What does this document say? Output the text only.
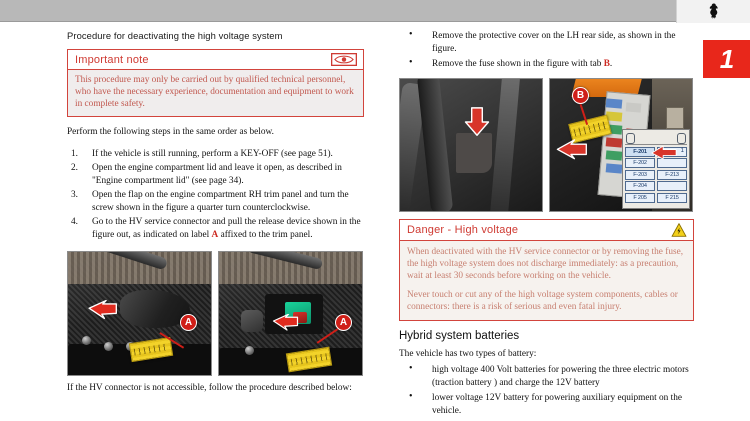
1
Procedure for deactivating the high voltage system
Important note

This procedure may only be carried out by qualified technical personnel, who have the necessary experience, documentation and equipment to work in complete safety.

Perform the following steps in the same order as below.

1. If the vehicle is still running, perform a KEY-OFF (see page 51).
2. Open the engine compartment lid and leave it open, as described in "Engine compartment lid" (see page 34).
3. Open the flap on the engine compartment RH trim panel and turn the screw shown in the figure a quarter turn counterclockwise.
4. Go to the HV service connector and pull the release device shown in the figure out, as indicated on label A affixed to the trim panel.
A	A

If the HV connector is not accessible, follow the procedure described below:

• Remove the protective cover on the LH rear side, as shown in the figure.
• Remove the fuse shown in the figure with tab B.
B
F-201
F-202
F-203	F-213
F-204
F 205	F 215
1
Danger - High voltage

When deactivated with the HV service connector or by removing the fuse, the high voltage system does not discharge immediately: as a precaution, wait at least 30 seconds before working on the vehicle.

Never touch or cut any of the high voltage system components, cables or connectors: there is a risk of serious and even fatal injury.

Hybrid system batteries

The vehicle has two types of battery:

• high voltage 400 Volt batteries for powering the three electric motors (traction battery ) and charge the 12V battery
• lower voltage 12V battery for powering auxiliary equipment on the vehicle.
